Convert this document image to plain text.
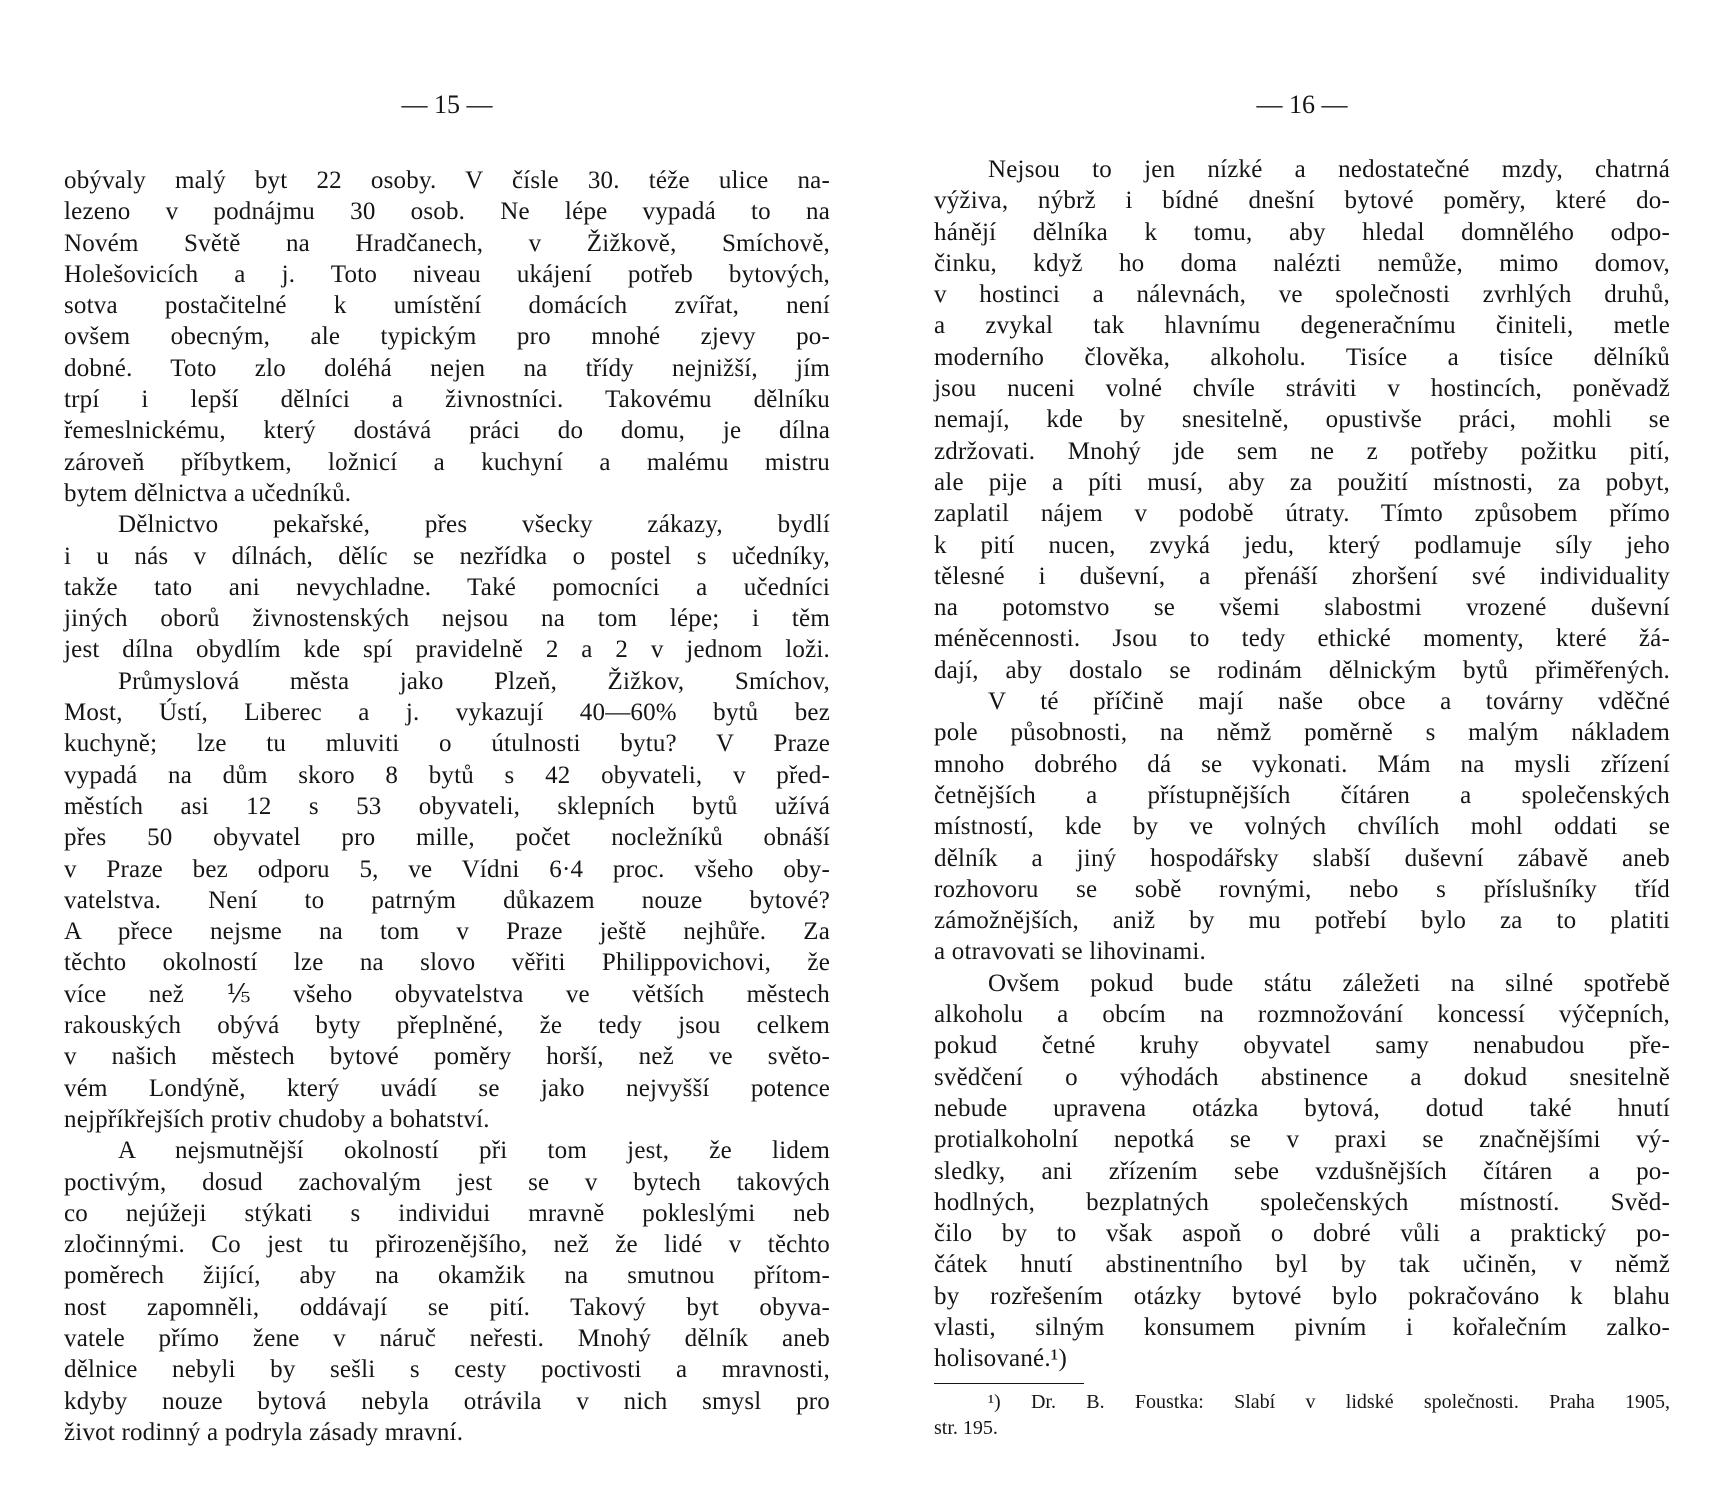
— 15 —
obývaly malý byt 22 osoby. V čísle 30. téže ulice na-
lezeno v podnájmu 30 osob. Ne lépe vypadá to na
Novém Světě na Hradčanech, v Žižkově, Smíchově,
Holešovicích a j. Toto niveau ukájení potřeb bytových,
sotva postačitelné k umístění domácích zvířat, není
ovšem obecným, ale typickým pro mnohé zjevy po-
dobné. Toto zlo doléhá nejen na třídy nejnižší, jím
trpí i lepší dělníci a živnostníci. Takovému dělníku
řemeslnickému, který dostává práci do domu, je dílna
zároveň příbytkem, ložnicí a kuchyní a malému mistru
bytem dělnictva a učedníků.
Dělnictvo pekařské, přes všecky zákazy, bydlí
i u nás v dílnách, dělíc se nezřídka o postel s učedníky,
takže tato ani nevychladne. Také pomocníci a učedníci
jiných oborů živnostenských nejsou na tom lépe; i těm
jest dílna obydlím kde spí pravidelně 2 a 2 v jednom loži.
Průmyslová města jako Plzeň, Žižkov, Smíchov,
Most, Ústí, Liberec a j. vykazují 40—60% bytů bez
kuchyně; lze tu mluviti o útulnosti bytu? V Praze
vypadá na dům skoro 8 bytů s 42 obyvateli, v před-
městích asi 12 s 53 obyvateli, sklepních bytů užívá
přes 50 obyvatel pro mille, počet nocležníků obnáší
v Praze bez odporu 5, ve Vídni 6·4 proc. všeho oby-
vatelstva. Není to patrným důkazem nouze bytové?
A přece nejsme na tom v Praze ještě nejhůře. Za
těchto okolností lze na slovo věřiti Philippovichovi, že
více než ⅕ všeho obyvatelstva ve větších městech
rakouských obývá byty přeplněné, že tedy jsou celkem
v našich městech bytové poměry horší, než ve světo-
vém Londýně, který uvádí se jako nejvyšší potence
nejpříkřejších protiv chudoby a bohatství.
A nejsmutnější okolností při tom jest, že lidem
poctivým, dosud zachovalým jest se v bytech takových
co nejúžeji stýkati s individui mravně pokleslými neb
zločinnými. Co jest tu přirozenějšího, než že lidé v těchto
poměrech žijící, aby na okamžik na smutnou přítom-
nost zapomněli, oddávají se pití. Takový byt obyva-
vatele přímo žene v náruč neřesti. Mnohý dělník aneb
dělnice nebyli by sešli s cesty poctivosti a mravnosti,
kdyby nouze bytová nebyla otrávila v nich smysl pro
život rodinný a podryla zásady mravní.
— 16 —
Nejsou to jen nízké a nedostatečné mzdy, chatrná
výživa, nýbrž i bídné dnešní bytové poměry, které do-
hánějí dělníka k tomu, aby hledal domnělého odpo-
činku, když ho doma nalézti nemůže, mimo domov,
v hostinci a nálevnách, ve společnosti zvrhlých druhů,
a zvykal tak hlavnímu degeneračnímu činiteli, metle
moderního člověka, alkoholu. Tisíce a tisíce dělníků
jsou nuceni volné chvíle stráviti v hostincích, poněvadž
nemají, kde by snesitelně, opustivše práci, mohli se
zdržovati. Mnohý jde sem ne z potřeby požitku pití,
ale pije a píti musí, aby za použití místnosti, za pobyt,
zaplatil nájem v podobě útraty. Tímto způsobem přímo
k pití nucen, zvyká jedu, který podlamuje síly jeho
tělesné i duševní, a přenáší zhoršení své individuality
na potomstvo se všemi slabostmi vrozené duševní
méněcennosti. Jsou to tedy ethické momenty, které žá-
dají, aby dostalo se rodinám dělnickým bytů přiměřených.
V té příčině mají naše obce a továrny vděčné
pole působnosti, na němž poměrně s malým nákladem
mnoho dobrého dá se vykonati. Mám na mysli zřízení
četnějších a přístupnějších čítáren a společenských
místností, kde by ve volných chvílích mohl oddati se
dělník a jiný hospodářsky slabší duševní zábavě aneb
rozhovoru se sobě rovnými, nebo s příslušníky tříd
zámožnějších, aniž by mu potřebí bylo za to platiti
a otravovati se lihovinami.
Ovšem pokud bude státu záležeti na silné spotřebě
alkoholu a obcím na rozmnožování koncessí výčepních,
pokud četné kruhy obyvatel samy nenabudou pře-
svědčení o výhodách abstinence a dokud snesitelně
nebude upravena otázka bytová, dotud také hnutí
protialkoholní nepotká se v praxi se značnějšími vý-
sledky, ani zřízením sebe vzdušnějších čítáren a po-
hodlných, bezplatných společenských místností. Svěd-
čilo by to však aspoň o dobré vůli a praktický po-
čátek hnutí abstinentního byl by tak učiněn, v němž
by rozřešením otázky bytové bylo pokračováno k blahu
vlasti, silným konsumem pivním i kořalečním zalko-
holisované.¹)
¹) Dr. B. Foustka: Slabí v lidské společnosti. Praha 1905,
str. 195.
